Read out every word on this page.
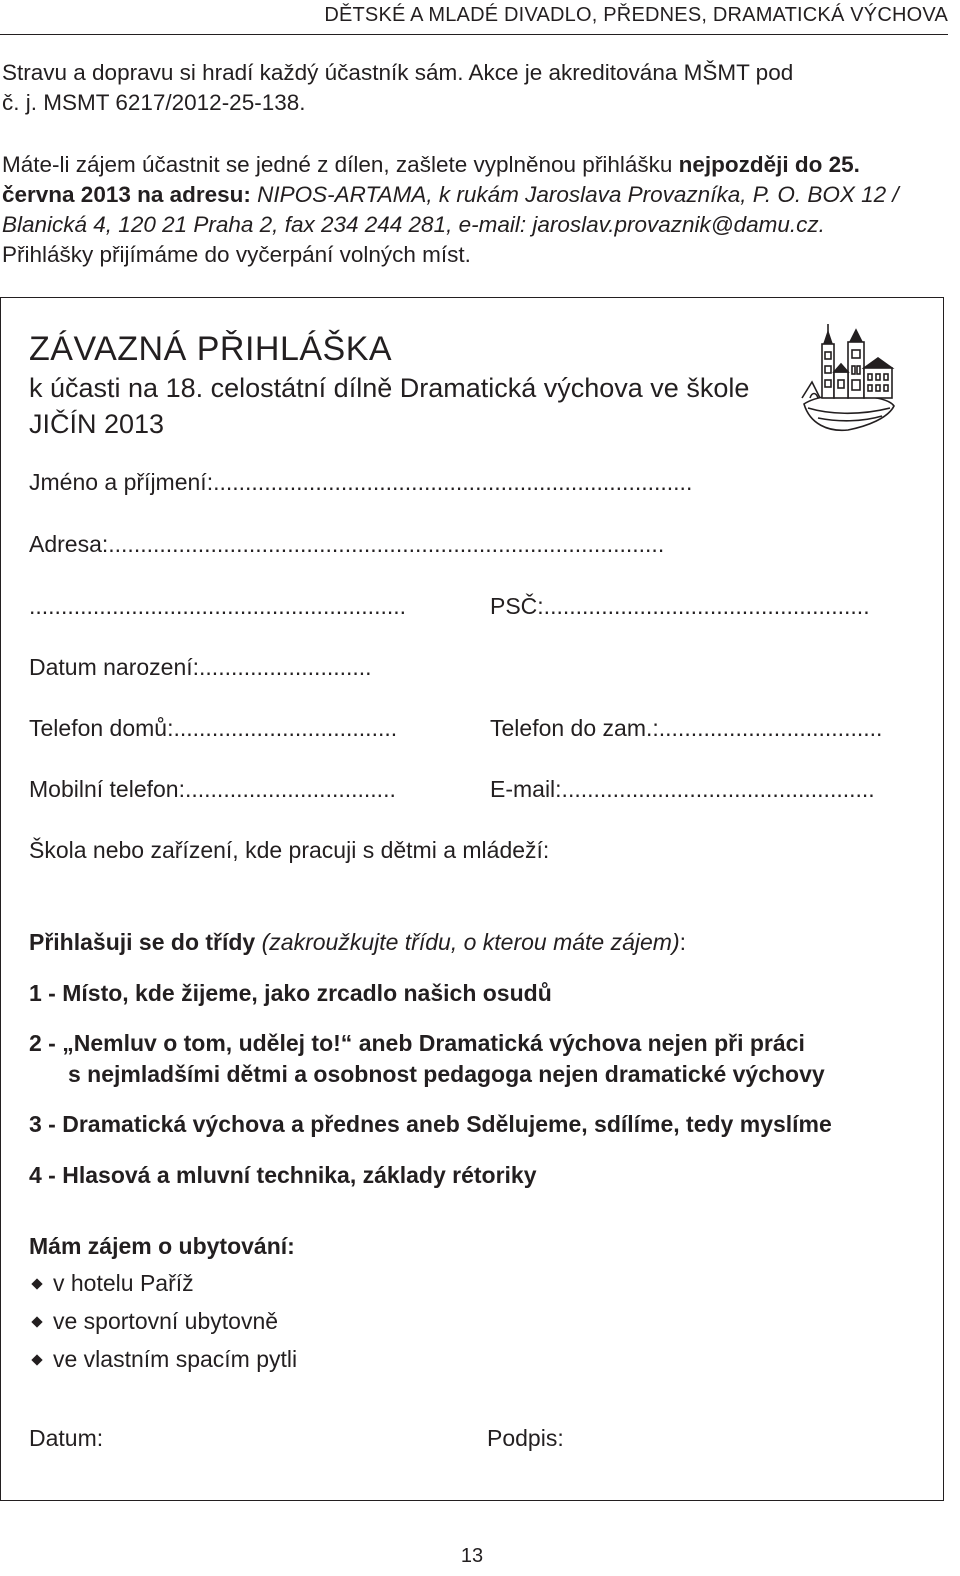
DĚTSKÉ A MLADÉ DIVADLO, PŘEDNES, DRAMATICKÁ VÝCHOVA

Stravu a dopravu si hradí každý účastník sám. Akce je akreditována MŠMT pod

č. j. MSMT 6217/2012-25-138.

Máte-li zájem účastnit se jedné z dílen, zašlete vyplněnou přihlášku nejpozději do 25.

června 2013 na adresu: NIPOS-ARTAMA, k rukám Jaroslava Provazníka, P. O. BOX 12 /

Blanická 4, 120 21 Praha 2, fax 234 244 281, e-mail: jaroslav.provaznik@damu.cz.

Přihlášky přijímáme do vyčerpání volných míst.

ZÁVAZNÁ PŘIHLÁŠKA
k účasti na 18. celostátní dílně Dramatická výchova ve škole
JIČÍN 2013
Jméno a příjmení:...........................................................................
Adresa:.......................................................................................
...........................................................	PSČ:...................................................
Datum narození:...........................
Telefon domů:...................................	Telefon do zam.:...................................
Mobilní telefon:.................................	E-mail:.................................................
Škola nebo zařízení, kde pracuji s dětmi a mládeží:
Přihlašuji se do třídy (zakroužkujte třídu, o kterou máte zájem):
1 - Místo, kde žijeme, jako zrcadlo našich osudů
2 - „Nemluv o tom, udělej to!“ aneb Dramatická výchova nejen při práci
s nejmladšími dětmi a osobnost pedagoga nejen dramatické výchovy
3 - Dramatická výchova a přednes aneb Sdělujeme, sdílíme, tedy myslíme
4 - Hlasová a mluvní technika, základy rétoriky
Mám zájem o ubytování:
v hotelu Paříž
ve sportovní ubytovně
ve vlastním spacím pytli
Datum:	Podpis:
13
